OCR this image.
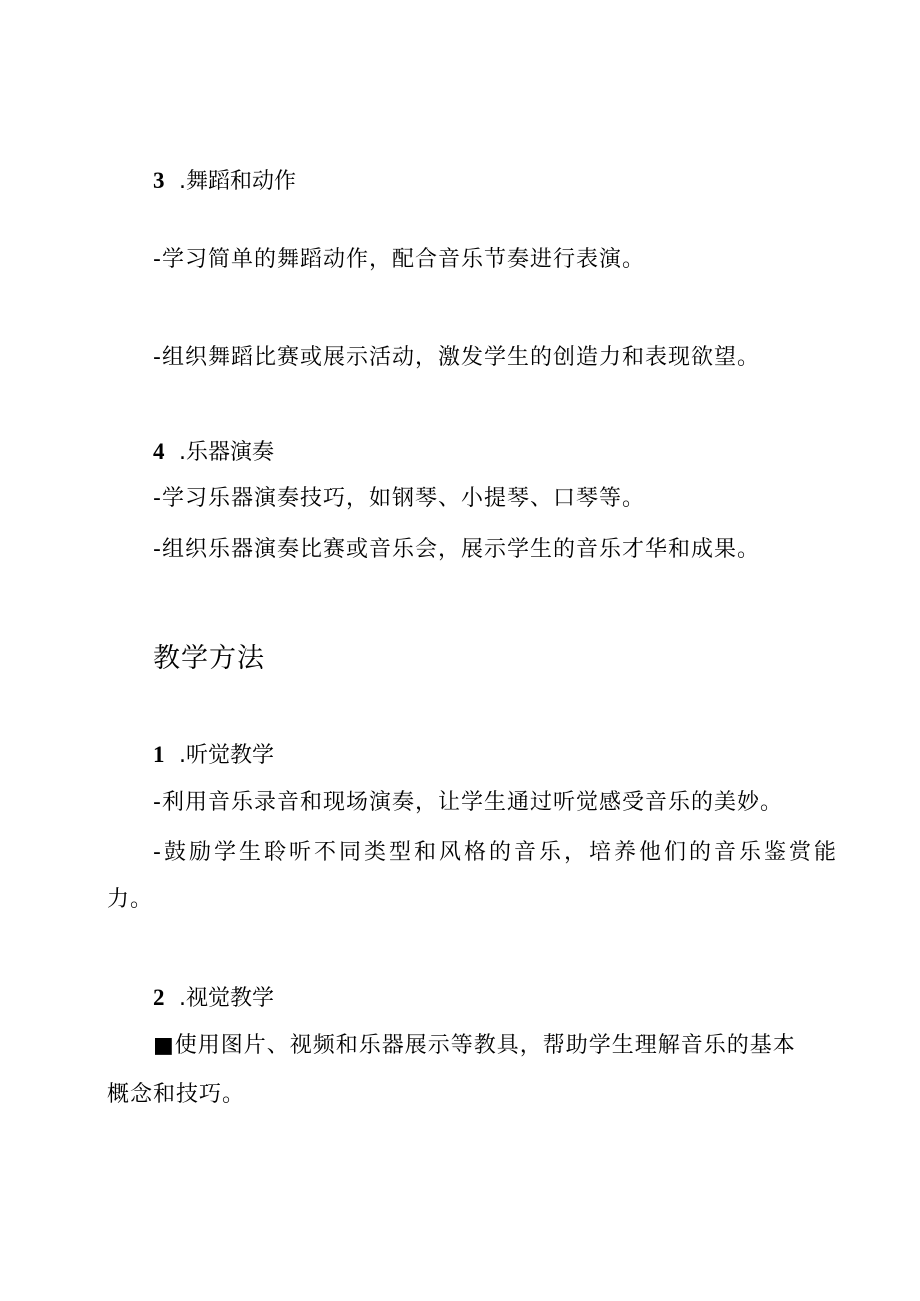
3 .舞蹈和动作
-学习简单的舞蹈动作，配合音乐节奏进行表演。
-组织舞蹈比赛或展示活动，激发学生的创造力和表现欲望。
4 .乐器演奏
-学习乐器演奏技巧，如钢琴、小提琴、口琴等。
-组织乐器演奏比赛或音乐会，展示学生的音乐才华和成果。
教学方法
1 .听觉教学
-利用音乐录音和现场演奏，让学生通过听觉感受音乐的美妙。
-鼓励学生聆听不同类型和风格的音乐，培养他们的音乐鉴赏能
力。
2 .视觉教学
■使用图片、视频和乐器展示等教具，帮助学生理解音乐的基本
概念和技巧。
